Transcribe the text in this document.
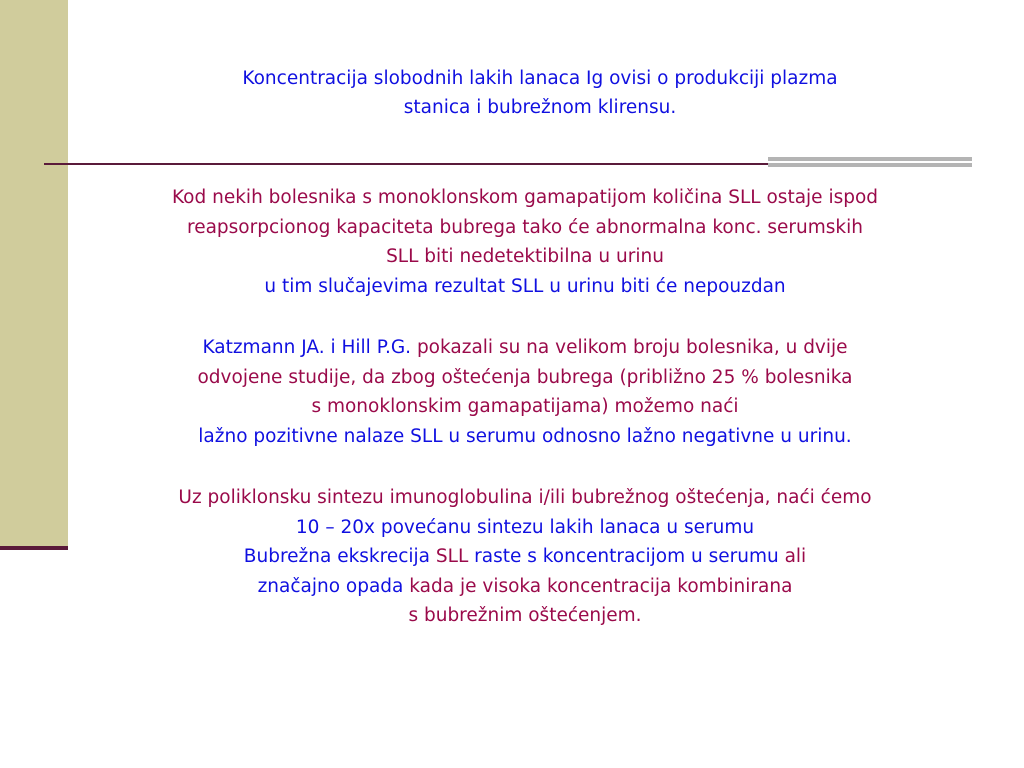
Koncentracija slobodnih lakih lanaca Ig ovisi o produkciji plazma
stanica i bubrežnom klirensu.

Kod nekih bolesnika s monoklonskom gamapatijom količina SLL ostaje ispod

reapsorpcionog kapaciteta bubrega tako će abnormalna konc. serumskih

SLL biti nedetektibilna u urinu

u tim slučajevima rezultat SLL u urinu biti će nepouzdan

Katzmann JA. i Hill P.G. pokazali su na velikom broju bolesnika, u dvije

odvojene studije, da zbog oštećenja bubrega (približno 25 % bolesnika

s monoklonskim gamapatijama) možemo naći

lažno pozitivne nalaze SLL u serumu odnosno lažno negativne u urinu.

Uz poliklonsku sintezu imunoglobulina i/ili bubrežnog oštećenja, naći ćemo

10 – 20x povećanu sintezu lakih lanaca u serumu

Bubrežna ekskrecija SLL raste s koncentracijom u serumu ali

značajno opada kada je visoka koncentracija kombinirana

s bubrežnim oštećenjem.
